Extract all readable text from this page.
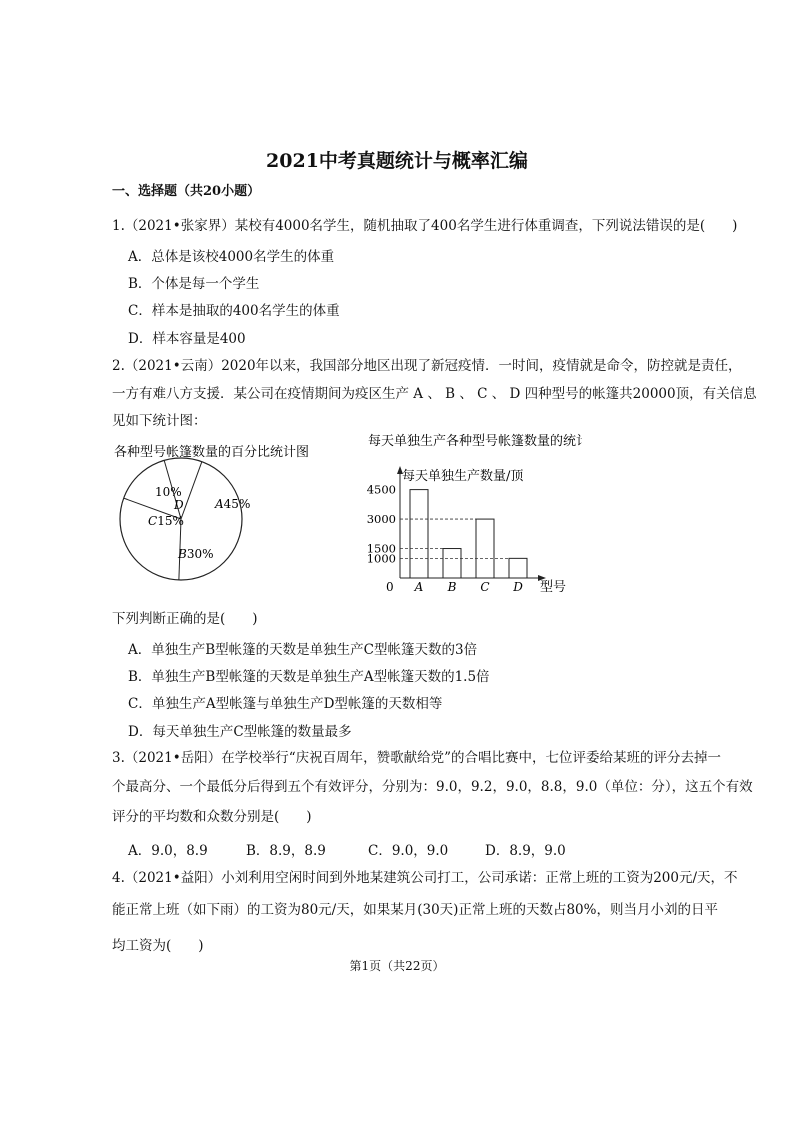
2021中考真题统计与概率汇编
一、选择题（共20小题）
1.（2021•张家界）某校有4000名学生，随机抽取了400名学生进行体重调查，下列说法错误的是(　　)
A．总体是该校4000名学生的体重
B．个体是每一个学生
C．样本是抽取的400名学生的体重
D．样本容量是400
2.（2021•云南）2020年以来，我国部分地区出现了新冠疫情．一时间，疫情就是命令，防控就是责任，
一方有难八方支援．某公司在疫情期间为疫区生产 A 、 B 、 C 、 D 四种型号的帐篷共20000顶，有关信息
见如下统计图：
各种型号帐篷数量的百分比统计图
A45%
B30%
C15%
D
10%
每天单独生产各种型号帐篷数量的统计图
每天单独生产数量/顶
型号
0 A B C D
4500
3000
1500
1000
下列判断正确的是(　　)
A．单独生产B型帐篷的天数是单独生产C型帐篷天数的3倍
B．单独生产B型帐篷的天数是单独生产A型帐篷天数的1.5倍
C．单独生产A型帐篷与单独生产D型帐篷的天数相等
D．每天单独生产C型帐篷的数量最多
3.（2021•岳阳）在学校举行“庆祝百周年，赞歌献给党”的合唱比赛中，七位评委给某班的评分去掉一
个最高分、一个最低分后得到五个有效评分，分别为：9.0，9.2，9.0，8.8，9.0（单位：分），这五个有效
评分的平均数和众数分别是(　　)
A．9.0，8.9	B．8.9，8.9	C．9.0，9.0	D．8.9，9.0
4.（2021•益阳）小刘利用空闲时间到外地某建筑公司打工，公司承诺：正常上班的工资为200元/天，不
能正常上班（如下雨）的工资为80元/天，如果某月(30天)正常上班的天数占80%，则当月小刘的日平
均工资为(　　)
第1页（共22页）
